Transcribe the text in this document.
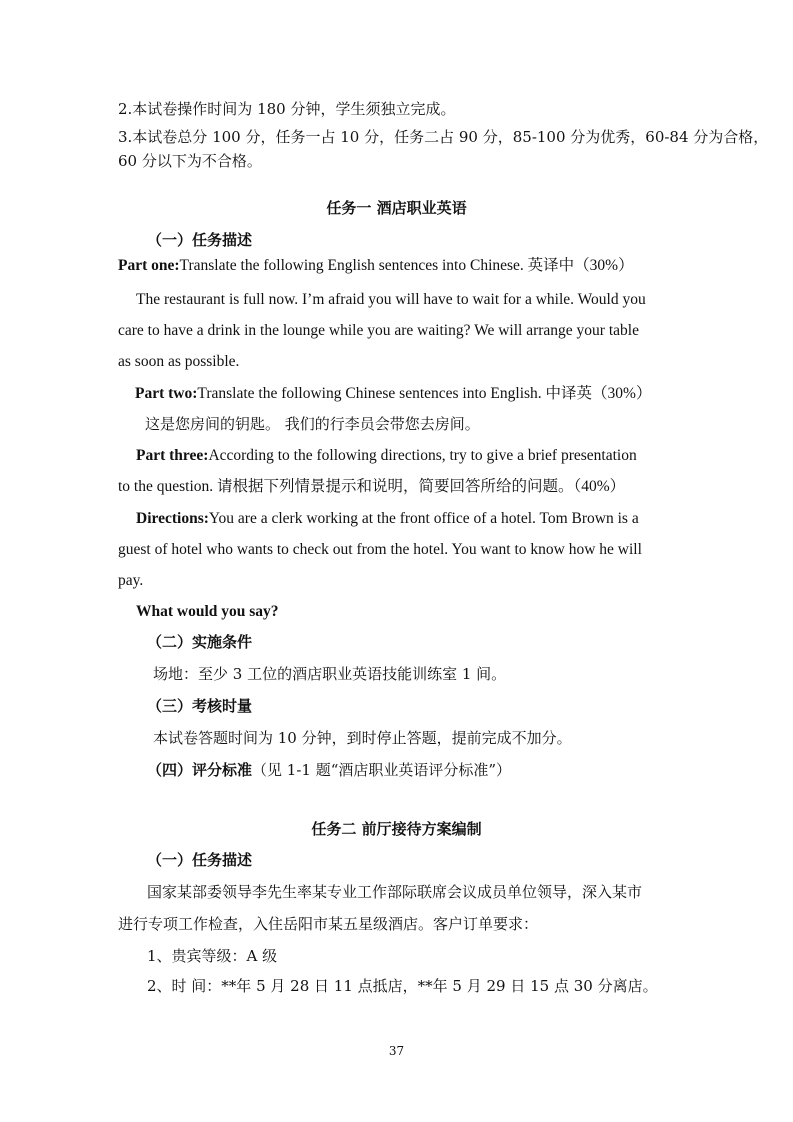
2.本试卷操作时间为 180 分钟，学生须独立完成。
3.本试卷总分 100 分，任务一占 10 分，任务二占 90 分，85-100 分为优秀，60-84 分为合格，
60 分以下为不合格。
任务一 酒店职业英语
（一）任务描述
Part one:Translate the following English sentences into Chinese. 英译中（30%）
The restaurant is full now. I’m afraid you will have to wait for a while. Would you
care to have a drink in the lounge while you are waiting? We will arrange your table
as soon as possible.
Part two:Translate the following Chinese sentences into English. 中译英（30%）
这是您房间的钥匙。 我们的行李员会带您去房间。
Part three:According to the following directions, try to give a brief presentation
to the question. 请根据下列情景提示和说明，简要回答所给的问题。（40%）
Directions:You are a clerk working at the front office of a hotel. Tom Brown is a
guest of hotel who wants to check out from the hotel. You want to know how he will
pay.
What would you say?
（二）实施条件
场地：至少 3 工位的酒店职业英语技能训练室 1 间。
（三）考核时量
本试卷答题时间为 10 分钟，到时停止答题，提前完成不加分。
（四）评分标准（见 1-1 题“酒店职业英语评分标准”）
任务二 前厅接待方案编制
（一）任务描述
国家某部委领导李先生率某专业工作部际联席会议成员单位领导，深入某市
进行专项工作检查，入住岳阳市某五星级酒店。客户订单要求：
1、贵宾等级：A 级
2、时 间：**年 5 月 28 日 11 点抵店，**年 5 月 29 日 15 点 30 分离店。
37
